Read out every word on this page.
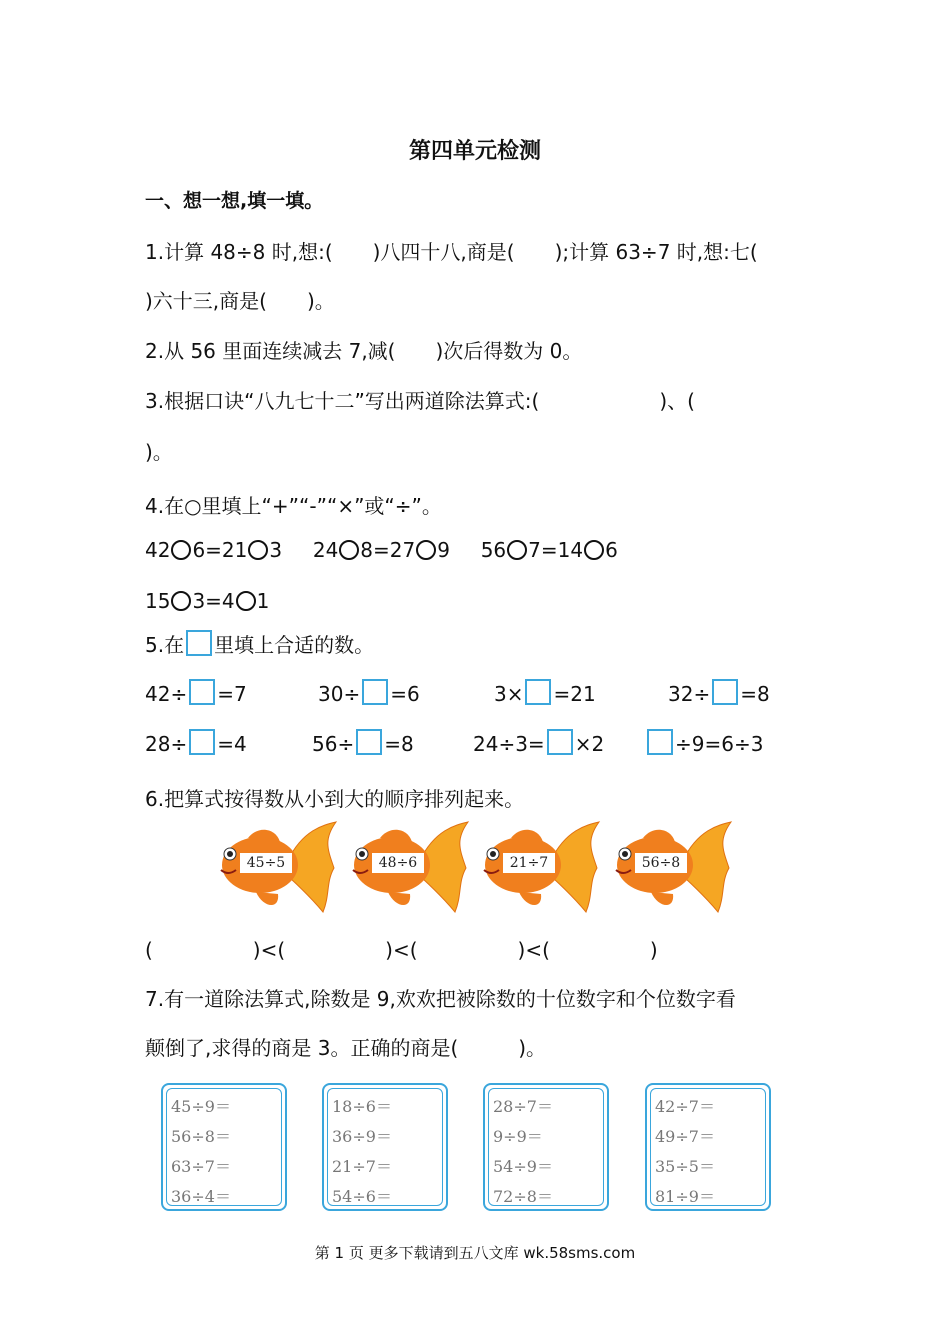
第四单元检测
一、想一想,填一填。
1.计算 48÷8 时,想:(　　)八四十八,商是(　　);计算 63÷7 时,想:七(
)六十三,商是(　　)。
2.从 56 里面连续减去 7,减(　　)次后得数为 0。
3.根据口诀“八九七十二”写出两道除法算式:(　　　　　　)、(
)。
4.在○里填上“+”“-”“×”或“÷”。
42 6=21 3 24 8=27 9 56 7=14 6
15 3=4 1
5.在 里填上合适的数。
42÷ =7	30÷ =6	3× =21	32÷ =8
28÷ =4	56÷ =8	24÷3= ×2	÷9=6÷3
6.把算式按得数从小到大的顺序排列起来。
45÷5	48÷6	21÷7	56÷8
(　　　　　)<(　　　　　)<(　　　　　)<(　　　　　)
7.有一道除法算式,除数是 9,欢欢把被除数的十位数字和个位数字看
颠倒了,求得的商是 3。正确的商是(　　　)。
45÷9＝
56÷8＝
63÷7＝
36÷4＝
18÷6＝
36÷9＝
21÷7＝
54÷6＝
28÷7＝
9÷9＝
54÷9＝
72÷8＝
42÷7＝
49÷7＝
35÷5＝
81÷9＝
第 1 页 更多下载请到五八文库 wk.58sms.com
